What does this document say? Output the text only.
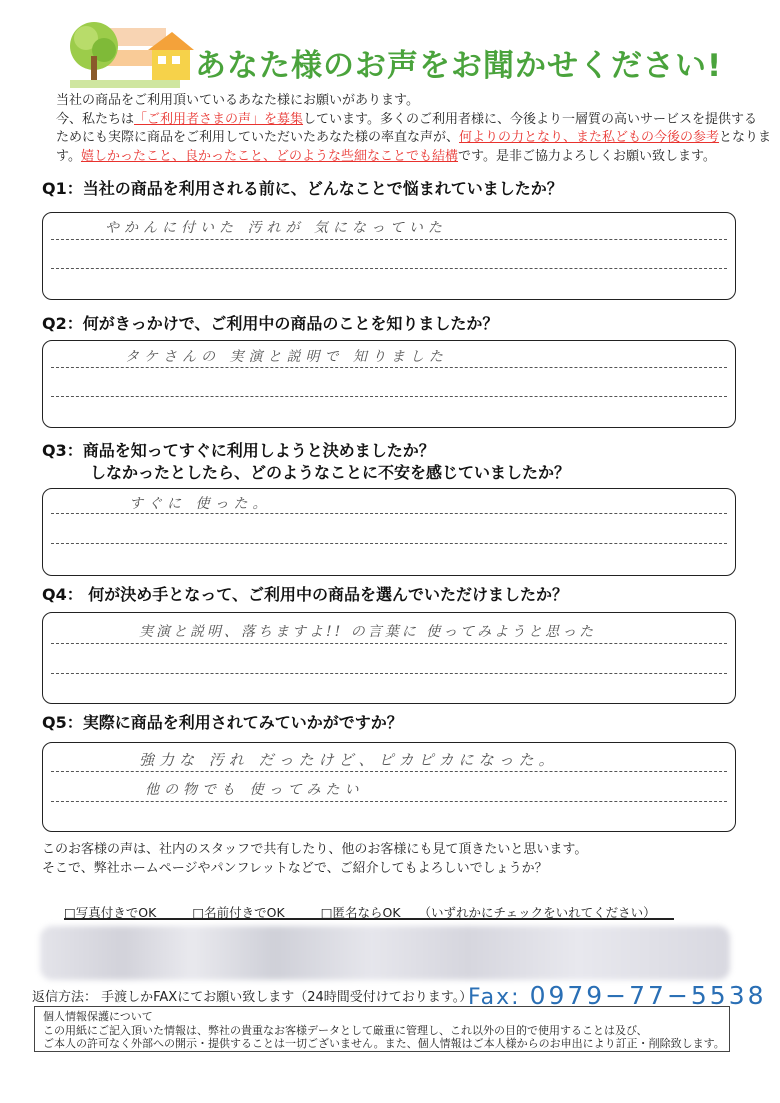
あなた様のお声をお聞かせください!

当社の商品をご利用頂いているあなた様にお願いがあります。

今、私たちは「ご利用者さまの声」を募集しています。多くのご利用者様に、今後より一層質の高いサービスを提供する

ためにも実際に商品をご利用していただいたあなた様の率直な声が、何よりの力となり、また私どもの今後の参考となりま

す。嬉しかったこと、良かったこと、どのような些細なことでも結構です。是非ご協力よろしくお願い致します。

Q1：当社の商品を利用される前に、どんなことで悩まれていましたか？
やかんに付いた 汚れが 気になっていた
Q2：何がきっかけで、ご利用中の商品のことを知りましたか？
タケさんの 実演と説明で 知りました
Q3：商品を知ってすぐに利用しようと決めましたか？
しなかったとしたら、どのようなことに不安を感じていましたか？
すぐに 使った。
Q4： 何が決め手となって、ご利用中の商品を選んでいただけましたか？
実演と説明、落ちますよ!! の言葉に 使ってみようと思った
Q5：実際に商品を利用されてみていかがですか？
強力な 汚れ だったけど、ピカピカになった。
他の物でも 使ってみたい

このお客様の声は、社内のスタッフで共有したり、他のお客様にも見て頂きたいと思います。

そこで、弊社ホームページやパンフレットなどで、ご紹介してもよろしいでしょうか？

□写真付きでOK	□名前付きでOK	□匿名ならOK （いずれかにチェックをいれてください）
返信方法： 手渡しかFAXにてお願い致します（24時間受付けております。）
Fax: 0979−77−5538

個人情報保護について

この用紙にご記入頂いた情報は、弊社の貴重なお客様データとして厳重に管理し、これ以外の目的で使用することは及び、

ご本人の許可なく外部への開示・提供することは一切ございません。また、個人情報はご本人様からのお申出により訂正・削除致します。
